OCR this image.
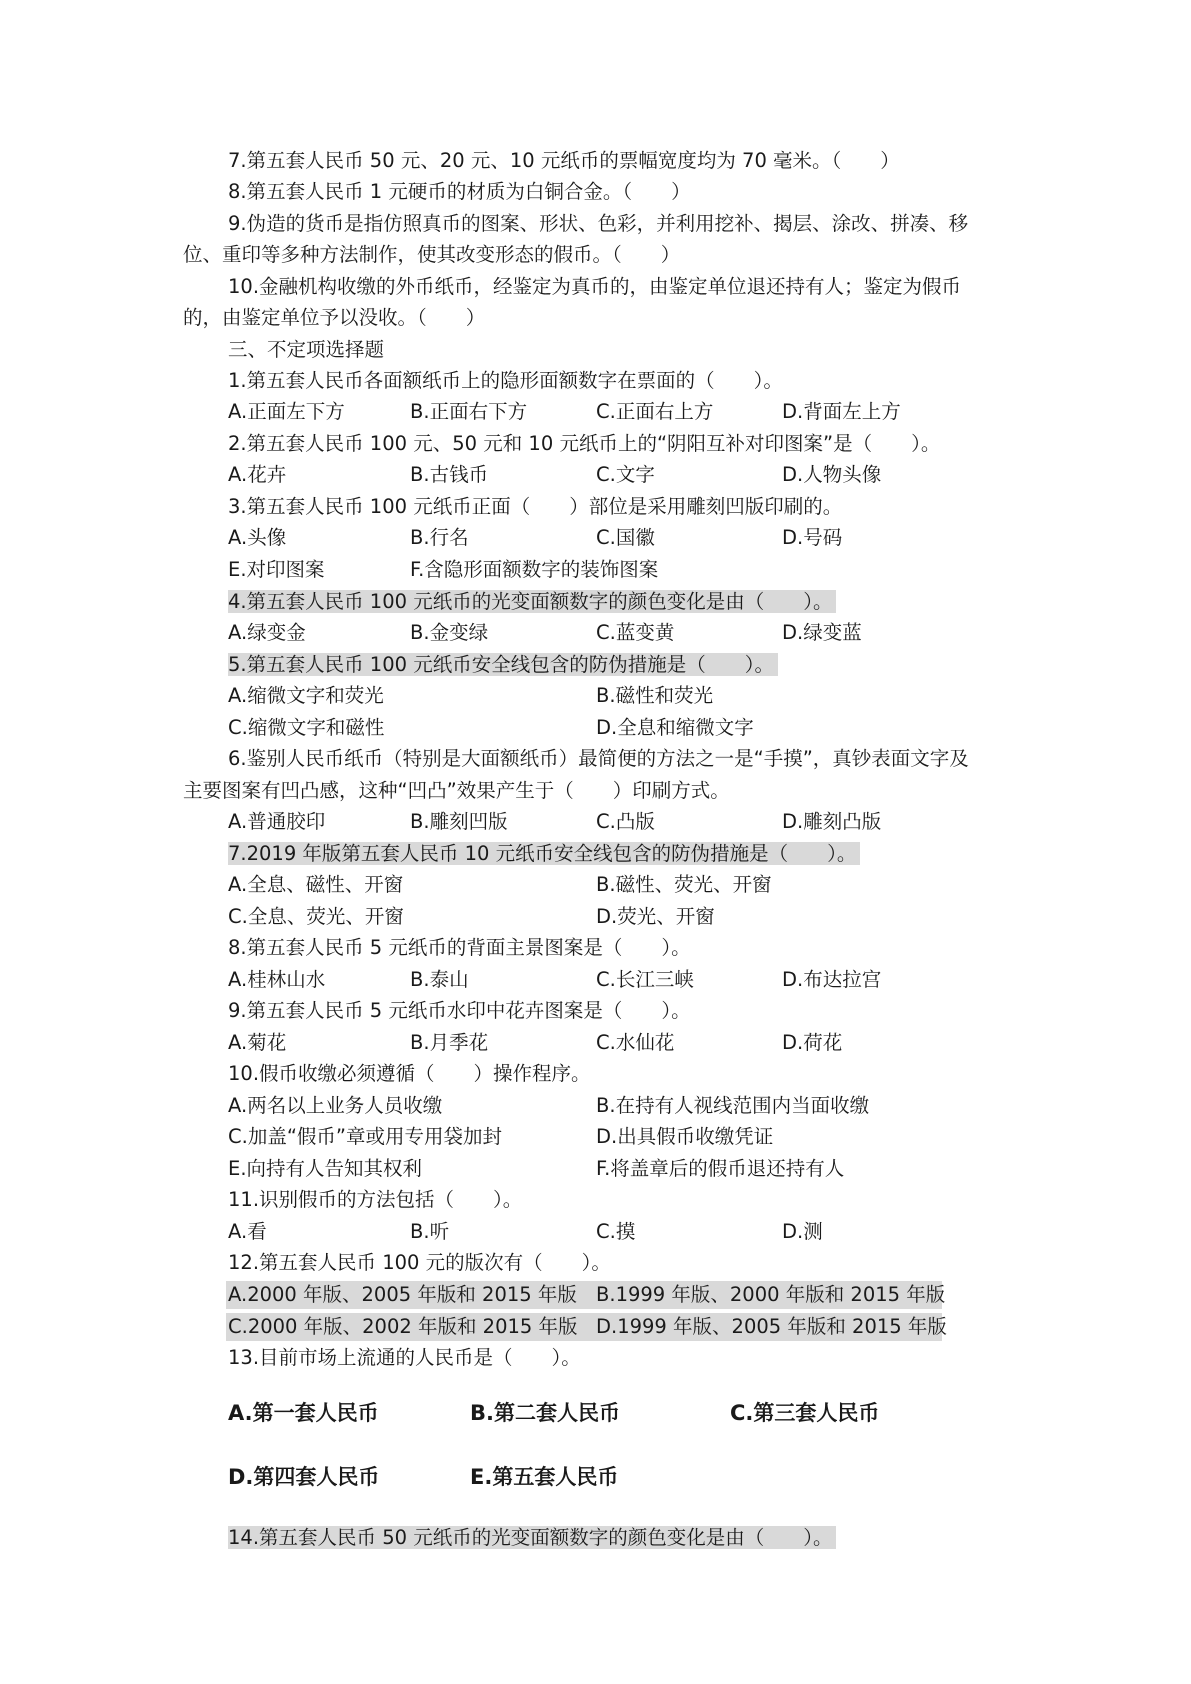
7.第五套人民币 50 元、20 元、10 元纸币的票幅宽度均为 70 毫米。（　　）
8.第五套人民币 1 元硬币的材质为白铜合金。（　　）
9.伪造的货币是指仿照真币的图案、形状、色彩，并利用挖补、揭层、涂改、拼凑、移
位、重印等多种方法制作，使其改变形态的假币。（　　）
10.金融机构收缴的外币纸币，经鉴定为真币的，由鉴定单位退还持有人；鉴定为假币
的，由鉴定单位予以没收。（　　）
三、不定项选择题
1.第五套人民币各面额纸币上的隐形面额数字在票面的（　　）。
A.正面左下方	B.正面右下方	C.正面右上方	D.背面左上方
2.第五套人民币 100 元、50 元和 10 元纸币上的“阴阳互补对印图案”是（　　）。
A.花卉	B.古钱币	C.文字	D.人物头像
3.第五套人民币 100 元纸币正面（　　）部位是采用雕刻凹版印刷的。
A.头像	B.行名	C.国徽	D.号码
E.对印图案	F.含隐形面额数字的装饰图案
4.第五套人民币 100 元纸币的光变面额数字的颜色变化是由（　　）。
A.绿变金	B.金变绿	C.蓝变黄	D.绿变蓝
5.第五套人民币 100 元纸币安全线包含的防伪措施是（　　）。
A.缩微文字和荧光	B.磁性和荧光
C.缩微文字和磁性	D.全息和缩微文字
6.鉴别人民币纸币（特别是大面额纸币）最简便的方法之一是“手摸”，真钞表面文字及
主要图案有凹凸感，这种“凹凸”效果产生于（　　）印刷方式。
A.普通胶印	B.雕刻凹版	C.凸版	D.雕刻凸版
7.2019 年版第五套人民币 10 元纸币安全线包含的防伪措施是（　　）。
A.全息、磁性、开窗	B.磁性、荧光、开窗
C.全息、荧光、开窗	D.荧光、开窗
8.第五套人民币 5 元纸币的背面主景图案是（　　）。
A.桂林山水	B.泰山	C.长江三峡	D.布达拉宫
9.第五套人民币 5 元纸币水印中花卉图案是（　　）。
A.菊花	B.月季花	C.水仙花	D.荷花
10.假币收缴必须遵循（　　）操作程序。
A.两名以上业务人员收缴	B.在持有人视线范围内当面收缴
C.加盖“假币”章或用专用袋加封	D.出具假币收缴凭证
E.向持有人告知其权利	F.将盖章后的假币退还持有人
11.识别假币的方法包括（　　）。
A.看	B.听	C.摸	D.测
12.第五套人民币 100 元的版次有（　　）。
A.2000 年版、2005 年版和 2015 年版 B.1999 年版、2000 年版和 2015 年版
C.2000 年版、2002 年版和 2015 年版 D.1999 年版、2005 年版和 2015 年版
13.目前市场上流通的人民币是（　　）。
A.第一套人民币	B.第二套人民币	C.第三套人民币
D.第四套人民币	E.第五套人民币
14.第五套人民币 50 元纸币的光变面额数字的颜色变化是由（　　）。
